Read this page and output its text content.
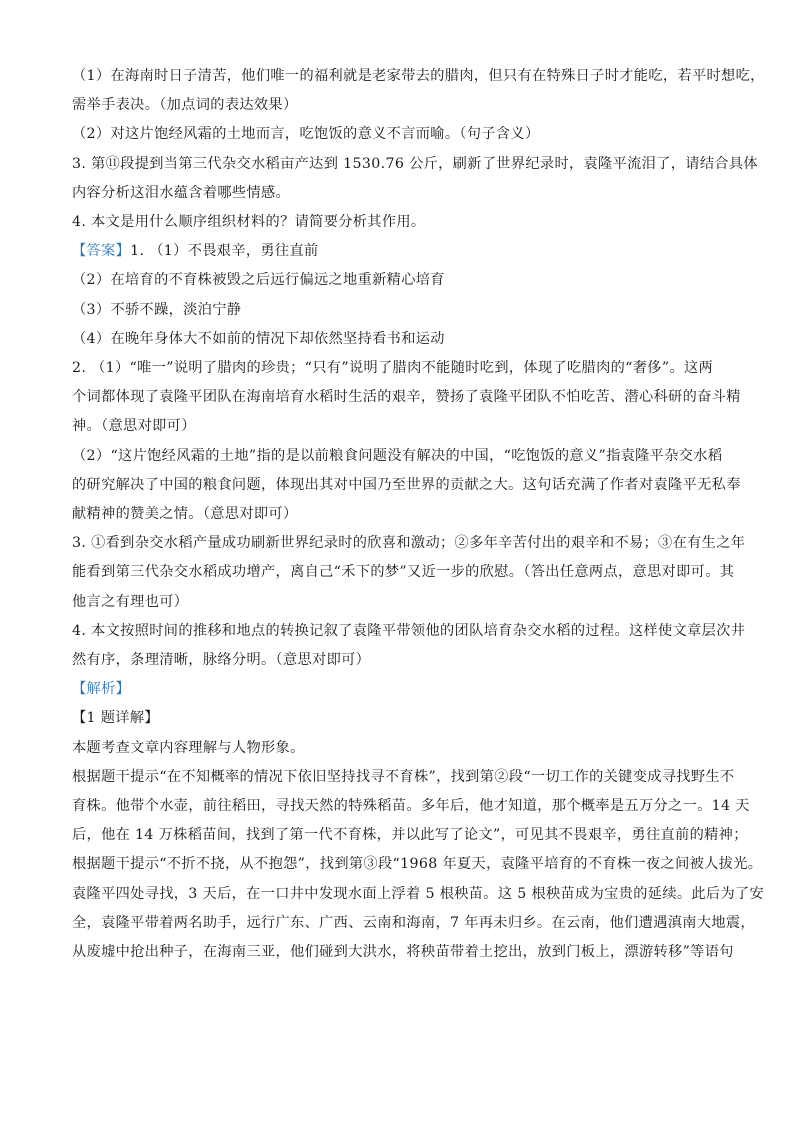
（1）在海南时日子清苦，他们唯一的福利就是老家带去的腊肉，但只有在特殊日子时才能吃，若平时想吃，

需举手表决。（加点词的表达效果）

（2）对这片饱经风霜的土地而言，吃饱饭的意义不言而喻。（句子含义）

3. 第⑪段提到当第三代杂交水稻亩产达到 1530.76 公斤，刷新了世界纪录时，袁隆平流泪了，请结合具体

内容分析这泪水蕴含着哪些情感。

4. 本文是用什么顺序组织材料的？请简要分析其作用。

【答案】1. （1）不畏艰辛，勇往直前

（2）在培育的不育株被毁之后远行偏远之地重新精心培育

（3）不骄不躁，淡泊宁静

（4）在晚年身体大不如前的情况下却依然坚持看书和运动

2. （1）“唯一”说明了腊肉的珍贵；“只有”说明了腊肉不能随时吃到，体现了吃腊肉的“奢侈”。这两

个词都体现了袁隆平团队在海南培育水稻时生活的艰辛，赞扬了袁隆平团队不怕吃苦、潜心科研的奋斗精

神。（意思对即可）

（2）“这片饱经风霜的土地”指的是以前粮食问题没有解决的中国，“吃饱饭的意义”指袁隆平杂交水稻

的研究解决了中国的粮食问题，体现出其对中国乃至世界的贡献之大。这句话充满了作者对袁隆平无私奉

献精神的赞美之情。（意思对即可）

3. ①看到杂交水稻产量成功刷新世界纪录时的欣喜和激动；②多年辛苦付出的艰辛和不易；③在有生之年

能看到第三代杂交水稻成功增产，离自己“禾下的梦”又近一步的欣慰。（答出任意两点，意思对即可。其

他言之有理也可）

4. 本文按照时间的推移和地点的转换记叙了袁隆平带领他的团队培育杂交水稻的过程。这样使文章层次井

然有序，条理清晰，脉络分明。（意思对即可）

【解析】

【1 题详解】

本题考查文章内容理解与人物形象。

根据题干提示“在不知概率的情况下依旧坚持找寻不育株”，找到第②段“一切工作的关键变成寻找野生不

育株。他带个水壶，前往稻田，寻找天然的特殊稻苗。多年后，他才知道，那个概率是五万分之一。14 天

后，他在 14 万株稻苗间，找到了第一代不育株，并以此写了论文”，可见其不畏艰辛，勇往直前的精神；

根据题干提示“不折不挠，从不抱怨”，找到第③段“1968 年夏天，袁隆平培育的不育株一夜之间被人拔光。

袁隆平四处寻找，3 天后，在一口井中发现水面上浮着 5 根秧苗。这 5 根秧苗成为宝贵的延续。此后为了安

全，袁隆平带着两名助手，远行广东、广西、云南和海南，7 年再未归乡。在云南，他们遭遇滇南大地震，

从废墟中抢出种子，在海南三亚，他们碰到大洪水，将秧苗带着土挖出，放到门板上，漂游转移”等语句
